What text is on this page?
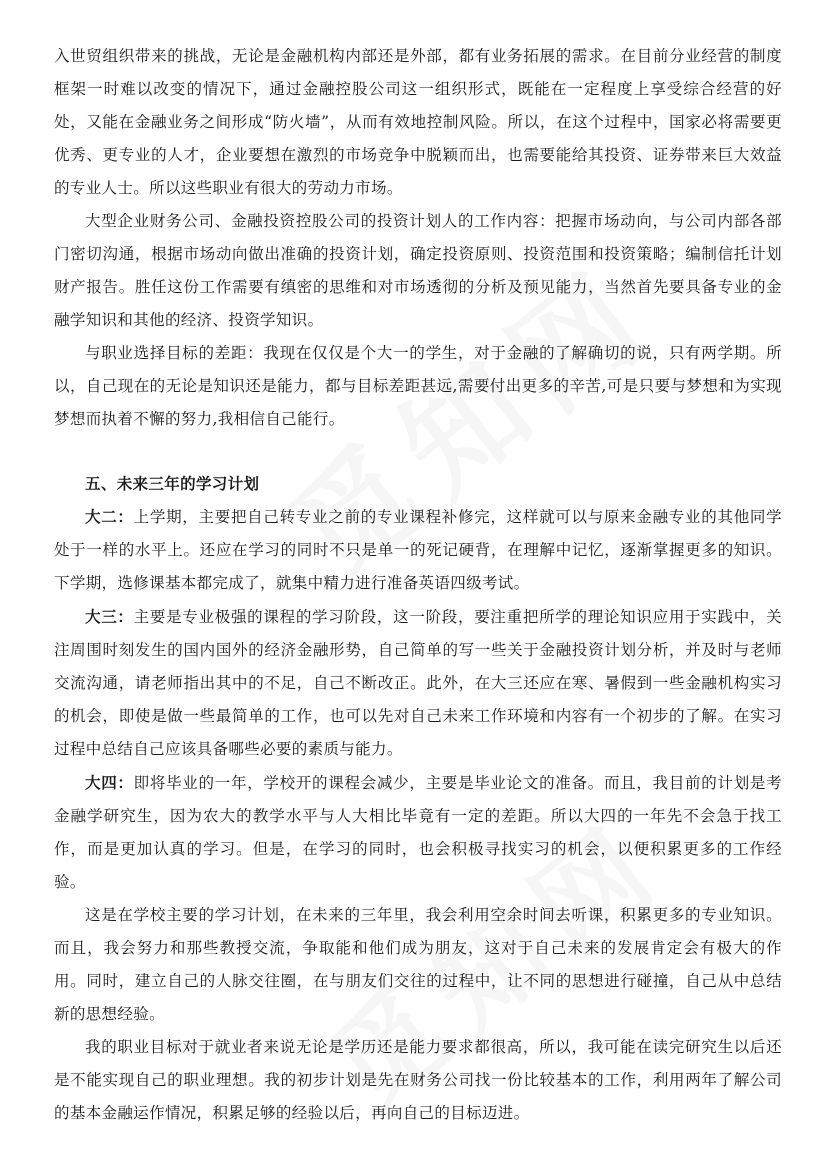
入世贸组织带来的挑战，无论是金融机构内部还是外部，都有业务拓展的需求。在目前分业经营的制度框架一时难以改变的情况下，通过金融控股公司这一组织形式，既能在一定程度上享受综合经营的好处，又能在金融业务之间形成“防火墙”，从而有效地控制风险。所以，在这个过程中，国家必将需要更优秀、更专业的人才，企业要想在激烈的市场竞争中脱颖而出，也需要能给其投资、证券带来巨大效益的专业人士。所以这些职业有很大的劳动力市场。

大型企业财务公司、金融投资控股公司的投资计划人的工作内容：把握市场动向，与公司内部各部门密切沟通，根据市场动向做出准确的投资计划，确定投资原则、投资范围和投资策略；编制信托计划财产报告。胜任这份工作需要有缜密的思维和对市场透彻的分析及预见能力，当然首先要具备专业的金融学知识和其他的经济、投资学知识。

与职业选择目标的差距：我现在仅仅是个大一的学生，对于金融的了解确切的说，只有两学期。所以，自己现在的无论是知识还是能力，都与目标差距甚远,需要付出更多的辛苦,可是只要与梦想和为实现梦想而执着不懈的努力,我相信自己能行。

五、未来三年的学习计划

大二：上学期，主要把自己转专业之前的专业课程补修完，这样就可以与原来金融专业的其他同学处于一样的水平上。还应在学习的同时不只是单一的死记硬背，在理解中记忆，逐渐掌握更多的知识。下学期，选修课基本都完成了，就集中精力进行准备英语四级考试。

大三：主要是专业极强的课程的学习阶段，这一阶段，要注重把所学的理论知识应用于实践中，关注周围时刻发生的国内国外的经济金融形势，自己简单的写一些关于金融投资计划分析，并及时与老师交流沟通，请老师指出其中的不足，自己不断改正。此外，在大三还应在寒、暑假到一些金融机构实习的机会，即使是做一些最简单的工作，也可以先对自己未来工作环境和内容有一个初步的了解。在实习过程中总结自己应该具备哪些必要的素质与能力。

大四：即将毕业的一年，学校开的课程会减少，主要是毕业论文的准备。而且，我目前的计划是考金融学研究生，因为农大的教学水平与人大相比毕竟有一定的差距。所以大四的一年先不会急于找工作，而是更加认真的学习。但是，在学习的同时，也会积极寻找实习的机会，以便积累更多的工作经验。

这是在学校主要的学习计划，在未来的三年里，我会利用空余时间去听课，积累更多的专业知识。而且，我会努力和那些教授交流，争取能和他们成为朋友，这对于自己未来的发展肯定会有极大的作用。同时，建立自己的人脉交往圈，在与朋友们交往的过程中，让不同的思想进行碰撞，自己从中总结新的思想经验。

我的职业目标对于就业者来说无论是学历还是能力要求都很高，所以，我可能在读完研究生以后还是不能实现自己的职业理想。我的初步计划是先在财务公司找一份比较基本的工作，利用两年了解公司的基本金融运作情况，积累足够的经验以后，再向自己的目标迈进。
